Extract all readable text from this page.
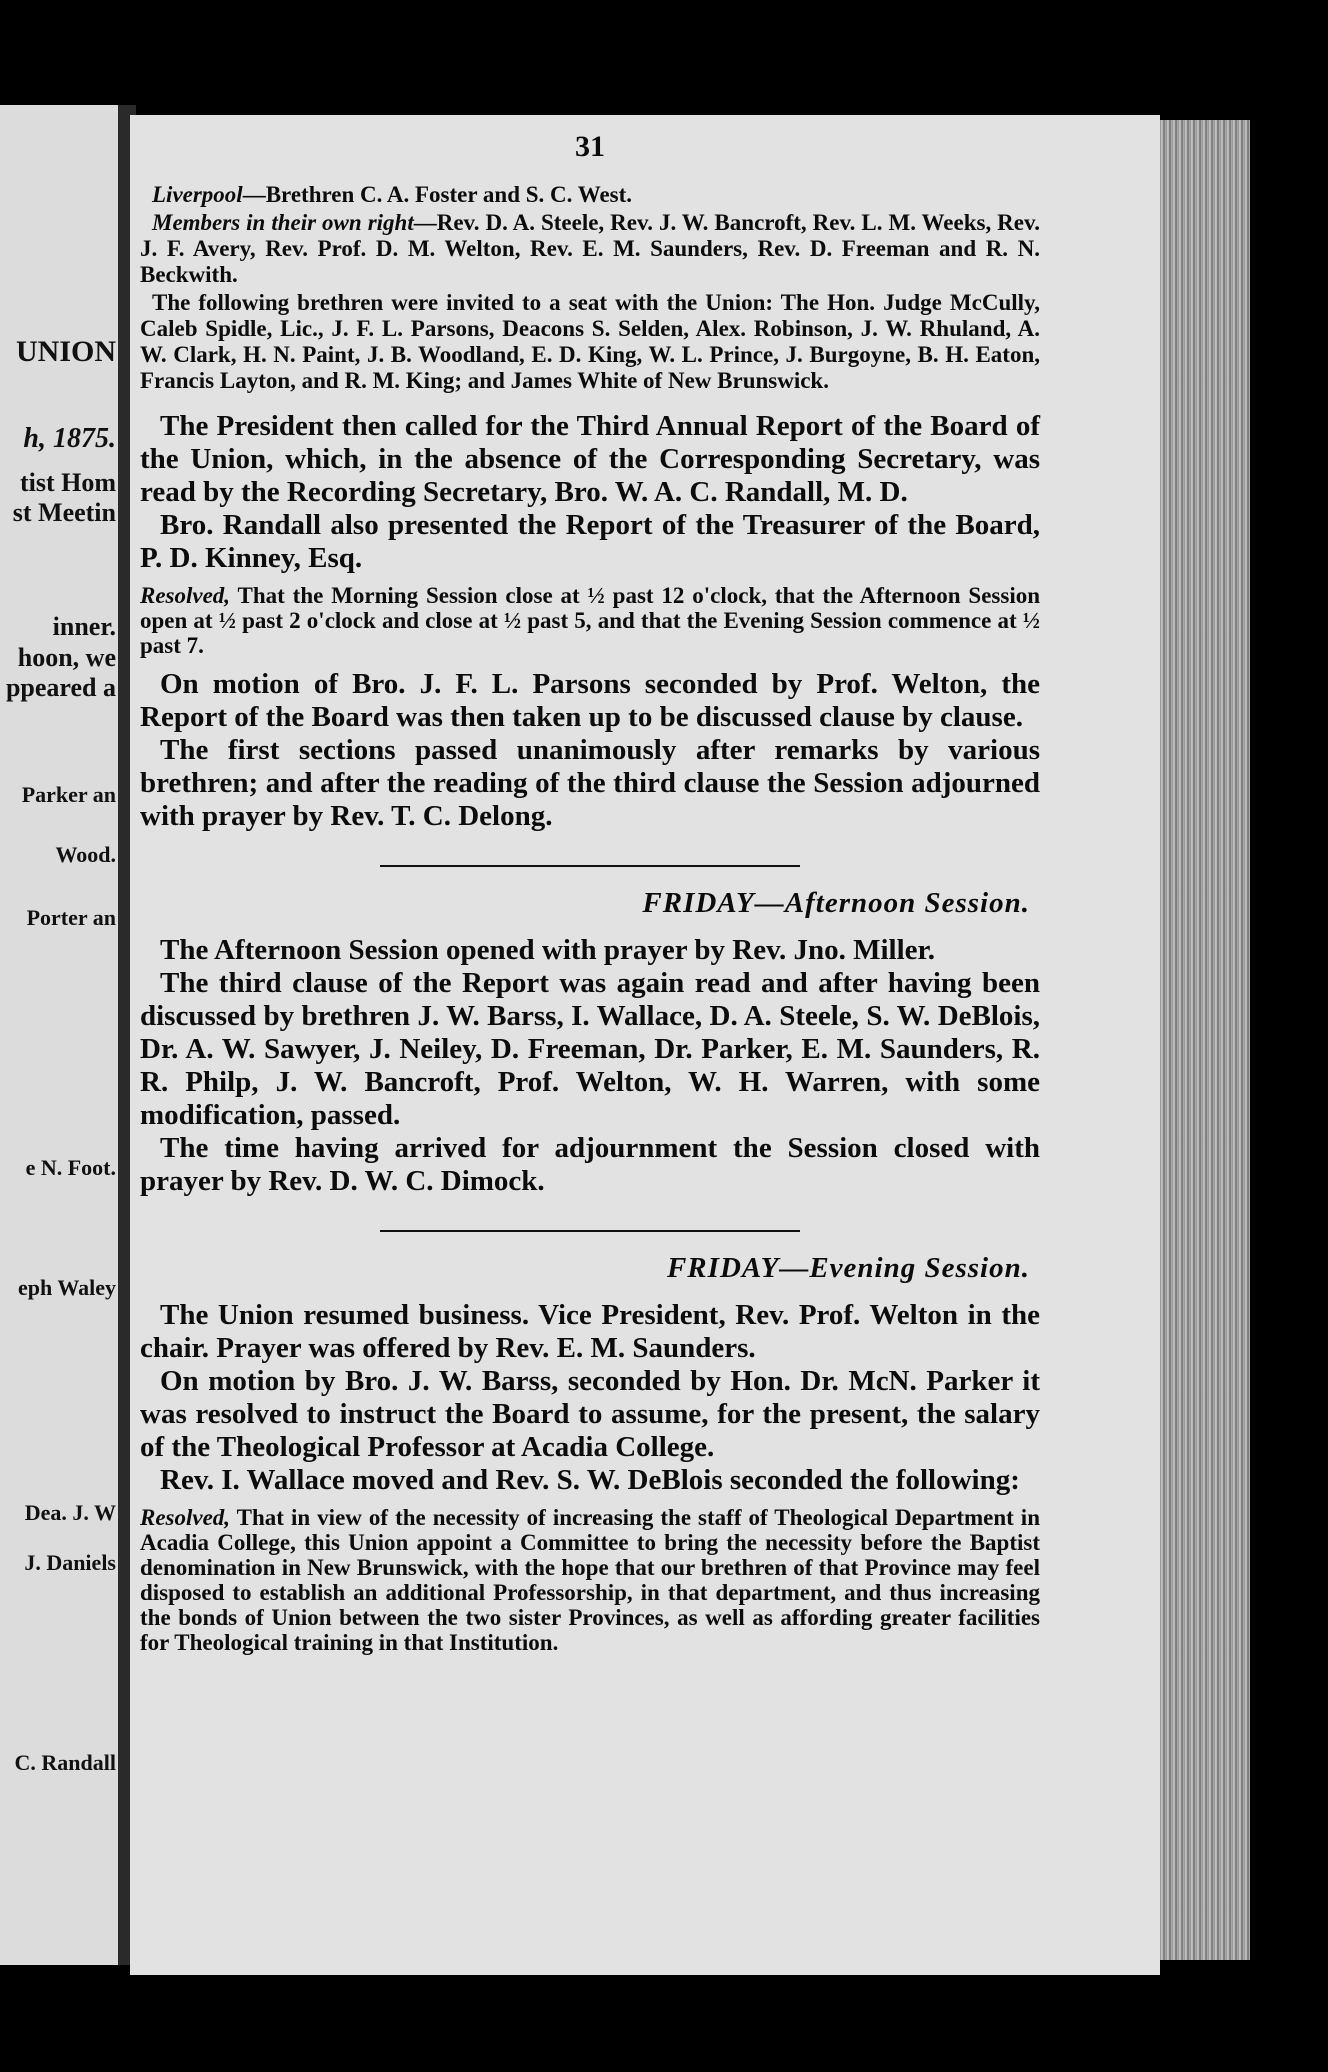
UNION
h, 1875.
tist Hom
st Meetin
inner.
hoon, we
ppeared a
Parker an
Wood.
Porter an
e N. Foot.
eph Waley
Dea. J. W
J. Daniels
C. Randall
31

Liverpool—Brethren C. A. Foster and S. C. West.

Members in their own right—Rev. D. A. Steele, Rev. J. W. Bancroft, Rev. L. M. Weeks, Rev. J. F. Avery, Rev. Prof. D. M. Welton, Rev. E. M. Saunders, Rev. D. Freeman and R. N. Beckwith.

The following brethren were invited to a seat with the Union: The Hon. Judge McCully, Caleb Spidle, Lic., J. F. L. Parsons, Deacons S. Selden, Alex. Robinson, J. W. Rhuland, A. W. Clark, H. N. Paint, J. B. Woodland, E. D. King, W. L. Prince, J. Burgoyne, B. H. Eaton, Francis Layton, and R. M. King; and James White of New Brunswick.

The President then called for the Third Annual Report of the Board of the Union, which, in the absence of the Corresponding Secretary, was read by the Recording Secretary, Bro. W. A. C. Randall, M. D.

Bro. Randall also presented the Report of the Treasurer of the Board, P. D. Kinney, Esq.

Resolved, That the Morning Session close at ½ past 12 o'clock, that the Afternoon Session open at ½ past 2 o'clock and close at ½ past 5, and that the Evening Session commence at ½ past 7.

On motion of Bro. J. F. L. Parsons seconded by Prof. Welton, the Report of the Board was then taken up to be discussed clause by clause.

The first sections passed unanimously after remarks by various brethren; and after the reading of the third clause the Session adjourned with prayer by Rev. T. C. Delong.

FRIDAY—Afternoon Session.

The Afternoon Session opened with prayer by Rev. Jno. Miller.

The third clause of the Report was again read and after having been discussed by brethren J. W. Barss, I. Wallace, D. A. Steele, S. W. DeBlois, Dr. A. W. Sawyer, J. Neiley, D. Freeman, Dr. Parker, E. M. Saunders, R. R. Philp, J. W. Bancroft, Prof. Welton, W. H. Warren, with some modification, passed.

The time having arrived for adjournment the Session closed with prayer by Rev. D. W. C. Dimock.

FRIDAY—Evening Session.

The Union resumed business. Vice President, Rev. Prof. Welton in the chair. Prayer was offered by Rev. E. M. Saunders.

On motion by Bro. J. W. Barss, seconded by Hon. Dr. McN. Parker it was resolved to instruct the Board to assume, for the present, the salary of the Theological Professor at Acadia College.

Rev. I. Wallace moved and Rev. S. W. DeBlois seconded the following:

Resolved, That in view of the necessity of increasing the staff of Theological Department in Acadia College, this Union appoint a Committee to bring the necessity before the Baptist denomination in New Brunswick, with the hope that our brethren of that Province may feel disposed to establish an additional Professorship, in that department, and thus increasing the bonds of Union between the two sister Provinces, as well as affording greater facilities for Theological training in that Institution.
